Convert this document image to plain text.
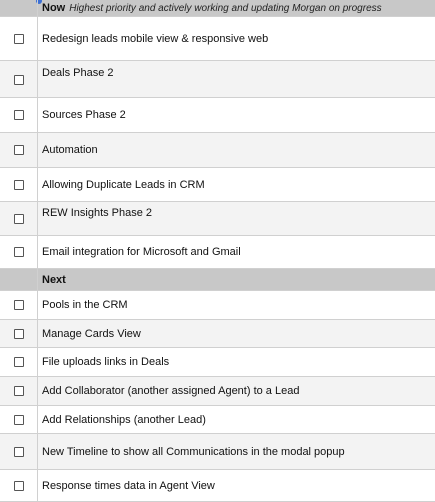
Now Highest priority and actively working and updating Morgan on progress
Redesign leads mobile view & responsive web
Deals Phase 2
Sources Phase 2
Automation
Allowing Duplicate Leads in CRM
REW Insights Phase 2
Email integration for Microsoft and Gmail
Next
Pools in the CRM
Manage Cards View
File uploads links in Deals
Add Collaborator (another assigned Agent) to a Lead
Add Relationships (another Lead)
New Timeline to show all Communications in the modal popup
Response times data in Agent View
